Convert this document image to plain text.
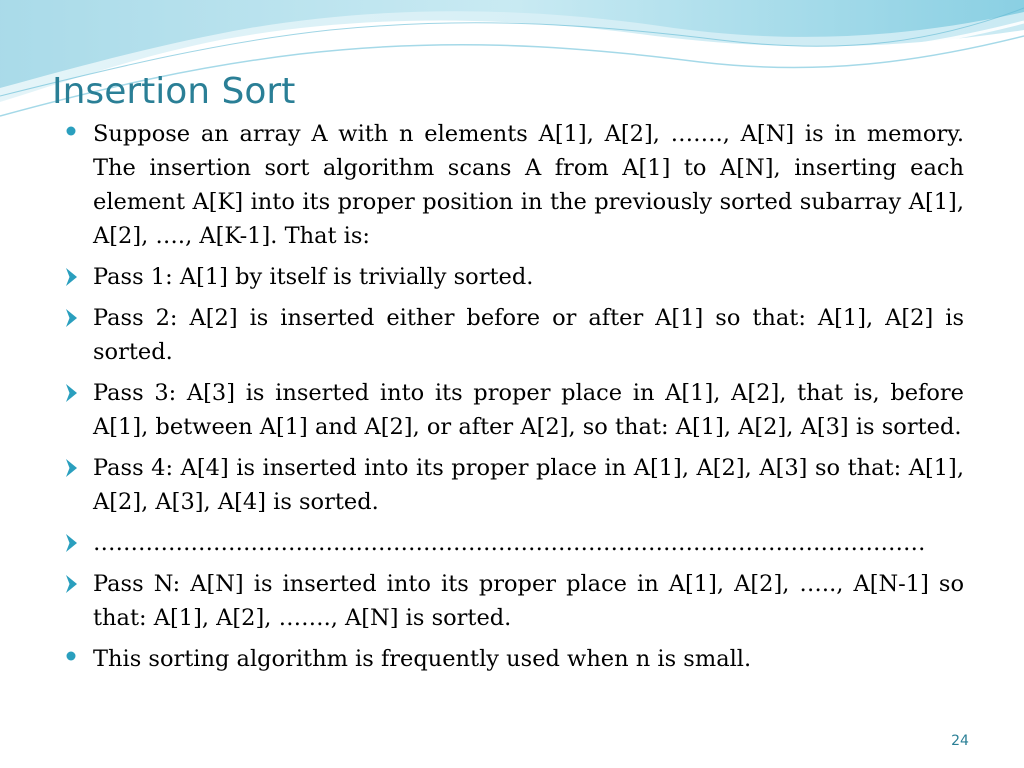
Insertion Sort
Suppose an array A with n elements A[1], A[2], ……., A[N] is in memory. The insertion sort algorithm scans A from A[1] to A[N], inserting each element A[K] into its proper position in the previously sorted subarray A[1], A[2], …., A[K-1]. That is:
Pass 1: A[1] by itself is trivially sorted.
Pass 2: A[2] is inserted either before or after A[1] so that: A[1], A[2] is sorted.
Pass 3: A[3] is inserted into its proper place in A[1], A[2], that is, before A[1], between A[1] and A[2], or after A[2], so that: A[1], A[2], A[3] is sorted.
Pass 4: A[4] is inserted into its proper place in A[1], A[2], A[3] so that: A[1], A[2], A[3], A[4] is sorted.
…………………………………………………………………………………………………
Pass N: A[N] is inserted into its proper place in A[1], A[2], ….., A[N-1] so that: A[1], A[2], ……., A[N] is sorted.
This sorting algorithm is frequently used when n is small.
24
